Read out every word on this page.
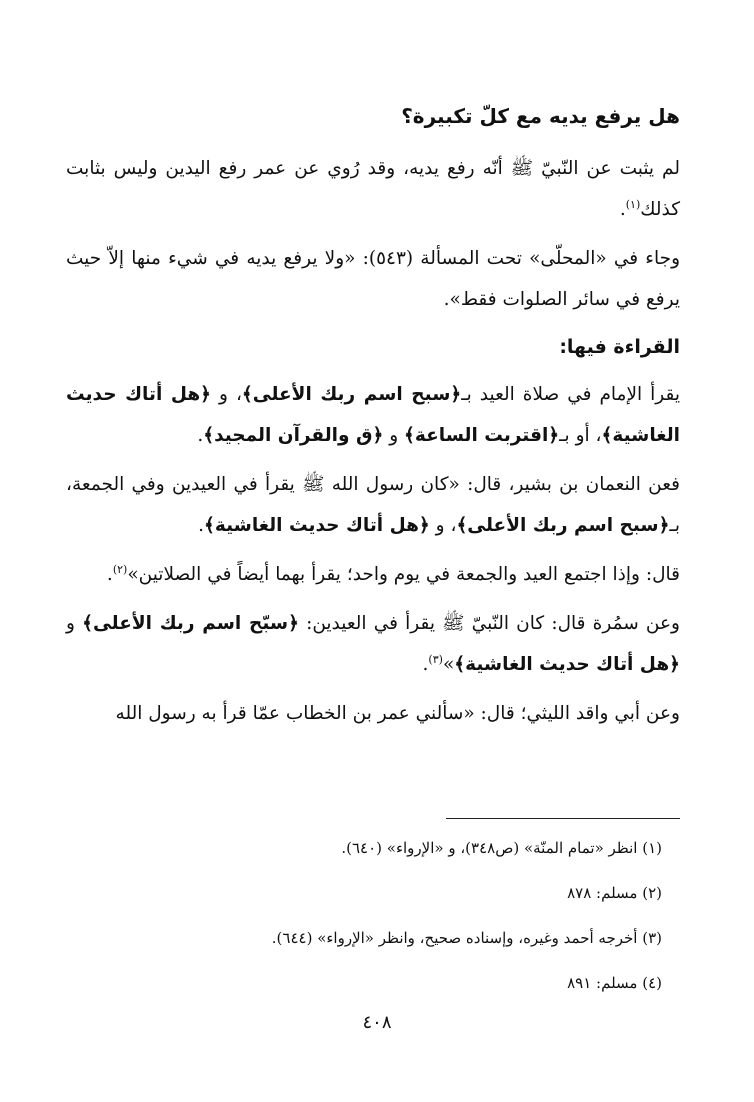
هل يرفع يديه مع كلّ تكبيرة؟

لم يثبت عن النّبيّ ﷺ أنّه رفع يديه، وقد رُوي عن عمر رفع اليدين وليس بثابت كذلك$^{(١)}$.

وجاء في «المحلّى» تحت المسألة (٥٤٣): «ولا يرفع يديه في شيء منها إلاّ حيث يرفع في سائر الصلوات فقط».

القراءة فيها:

يقرأ الإمام في صلاة العيد بـ﴿سبح اسم ربك الأعلى﴾، و ﴿هل أتاك حديث الغاشية﴾، أو بـ﴿اقتربت الساعة﴾ و ﴿ق والقرآن المجيد﴾.

فعن النعمان بن بشير، قال: «كان رسول الله ﷺ يقرأ في العيدين وفي الجمعة، بـ﴿سبح اسم ربك الأعلى﴾، و ﴿هل أتاك حديث الغاشية﴾.

قال: وإذا اجتمع العيد والجمعة في يوم واحد؛ يقرأ بهما أيضاً في الصلاتين»$^{(٢)}$.

وعن سمُرة قال: كان النّبيّ ﷺ يقرأ في العيدين: ﴿سبّح اسم ربك الأعلى﴾ و ﴿هل أتاك حديث الغاشية﴾»$^{(٣)}$.

وعن أبي واقد الليثي؛ قال: «سألني عمر بن الخطاب عمّا قرأ به رسول الله

(١) انظر «تمام المنّة» (ص٣٤٨)، و «الإرواء» (٦٤٠).

(٢) مسلم: ٨٧٨

(٣) أخرجه أحمد وغيره، وإسناده صحيح، وانظر «الإرواء» (٦٤٤).

(٤) مسلم: ٨٩١

٤٠٨
